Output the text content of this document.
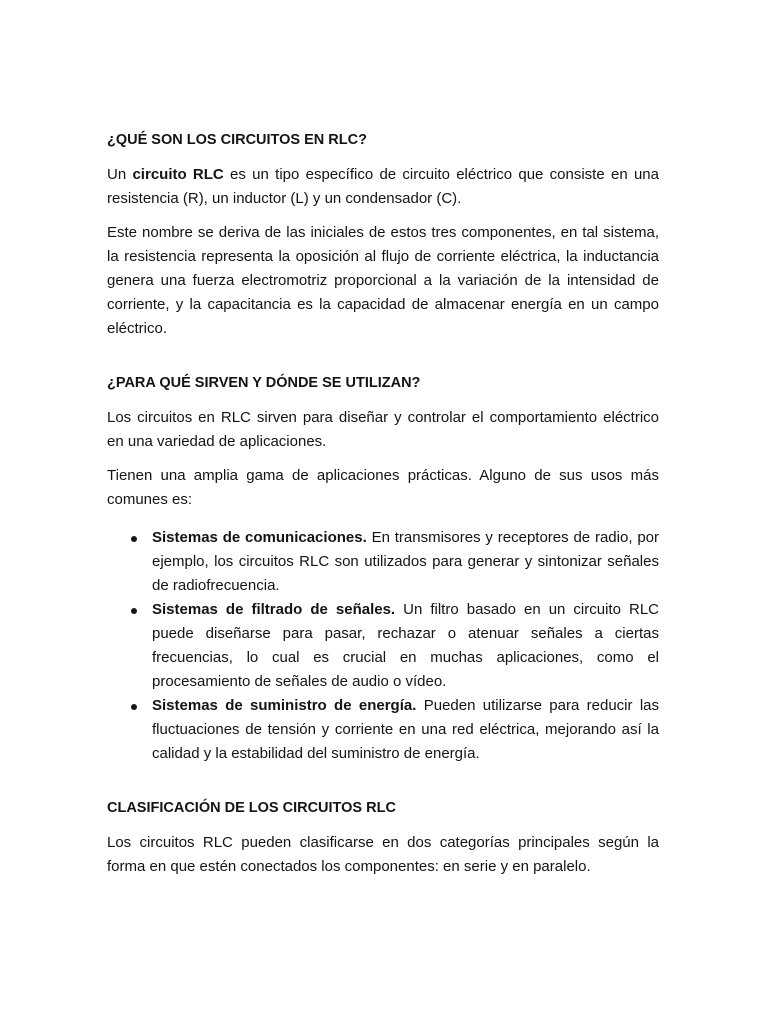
¿QUÉ SON LOS CIRCUITOS EN RLC?

Un circuito RLC es un tipo específico de circuito eléctrico que consiste en una resistencia (R), un inductor (L) y un condensador (C).

Este nombre se deriva de las iniciales de estos tres componentes, en tal sistema, la resistencia representa la oposición al flujo de corriente eléctrica, la inductancia genera una fuerza electromotriz proporcional a la variación de la intensidad de corriente, y la capacitancia es la capacidad de almacenar energía en un campo eléctrico.

¿PARA QUÉ SIRVEN Y DÓNDE SE UTILIZAN?

Los circuitos en RLC sirven para diseñar y controlar el comportamiento eléctrico en una variedad de aplicaciones.

Tienen una amplia gama de aplicaciones prácticas. Alguno de sus usos más comunes es:

Sistemas de comunicaciones. En transmisores y receptores de radio, por ejemplo, los circuitos RLC son utilizados para generar y sintonizar señales de radiofrecuencia.
Sistemas de filtrado de señales. Un filtro basado en un circuito RLC puede diseñarse para pasar, rechazar o atenuar señales a ciertas frecuencias, lo cual es crucial en muchas aplicaciones, como el procesamiento de señales de audio o vídeo.
Sistemas de suministro de energía. Pueden utilizarse para reducir las fluctuaciones de tensión y corriente en una red eléctrica, mejorando así la calidad y la estabilidad del suministro de energía.
CLASIFICACIÓN DE LOS CIRCUITOS RLC

Los circuitos RLC pueden clasificarse en dos categorías principales según la forma en que estén conectados los componentes: en serie y en paralelo.
